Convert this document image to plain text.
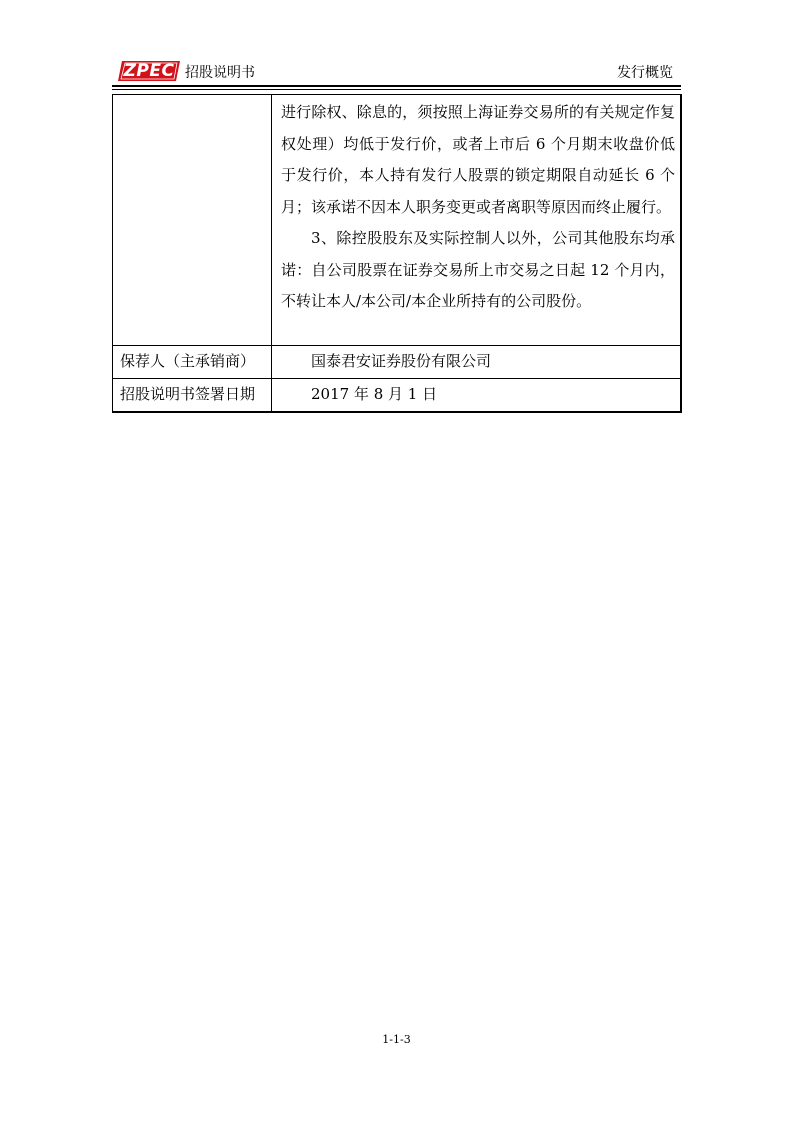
ZPEC 招股说明书	发行概览

进行除权、除息的，须按照上海证券交易所的有关规定作复权处理）均低于发行价，或者上市后 6 个月期末收盘价低于发行价，本人持有发行人股票的锁定期限自动延长 6 个月；该承诺不因本人职务变更或者离职等原因而终止履行。

3、除控股股东及实际控制人以外，公司其他股东均承诺：自公司股票在证券交易所上市交易之日起 12 个月内，不转让本人/本公司/本企业所持有的公司股份。

保荐人（主承销商）	国泰君安证券股份有限公司
招股说明书签署日期	2017 年 8 月 1 日
1-1-3
